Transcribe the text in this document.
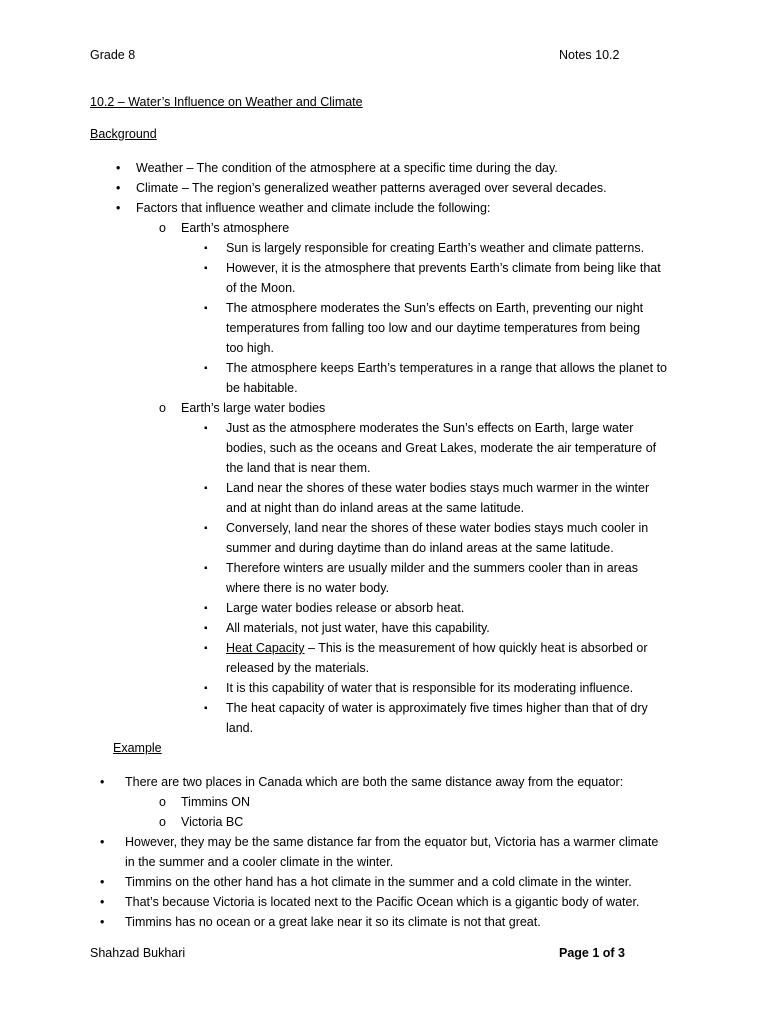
Grade 8	Notes 10.2
10.2 – Water’s Influence on Weather and Climate
Background
• Weather – The condition of the atmosphere at a specific time during the day.
• Climate – The region’s generalized weather patterns averaged over several decades.
• Factors that influence weather and climate include the following:
o Earth’s atmosphere
▪ Sun is largely responsible for creating Earth’s weather and climate patterns.
▪ However, it is the atmosphere that prevents Earth’s climate from being like that
of the Moon.
▪ The atmosphere moderates the Sun’s effects on Earth, preventing our night
temperatures from falling too low and our daytime temperatures from being
too high.
▪ The atmosphere keeps Earth’s temperatures in a range that allows the planet to
be habitable.
o Earth’s large water bodies
▪ Just as the atmosphere moderates the Sun’s effects on Earth, large water
bodies, such as the oceans and Great Lakes, moderate the air temperature of
the land that is near them.
▪ Land near the shores of these water bodies stays much warmer in the winter
and at night than do inland areas at the same latitude.
▪ Conversely, land near the shores of these water bodies stays much cooler in
summer and during daytime than do inland areas at the same latitude.
▪ Therefore winters are usually milder and the summers cooler than in areas
where there is no water body.
▪ Large water bodies release or absorb heat.
▪ All materials, not just water, have this capability.
▪ Heat Capacity – This is the measurement of how quickly heat is absorbed or
released by the materials.
▪ It is this capability of water that is responsible for its moderating influence.
▪ The heat capacity of water is approximately five times higher than that of dry
land.
Example
• There are two places in Canada which are both the same distance away from the equator:
o Timmins ON
o Victoria BC
• However, they may be the same distance far from the equator but, Victoria has a warmer climate
in the summer and a cooler climate in the winter.
• Timmins on the other hand has a hot climate in the summer and a cold climate in the winter.
• That’s because Victoria is located next to the Pacific Ocean which is a gigantic body of water.
• Timmins has no ocean or a great lake near it so its climate is not that great.
Shahzad Bukhari	Page 1 of 3
